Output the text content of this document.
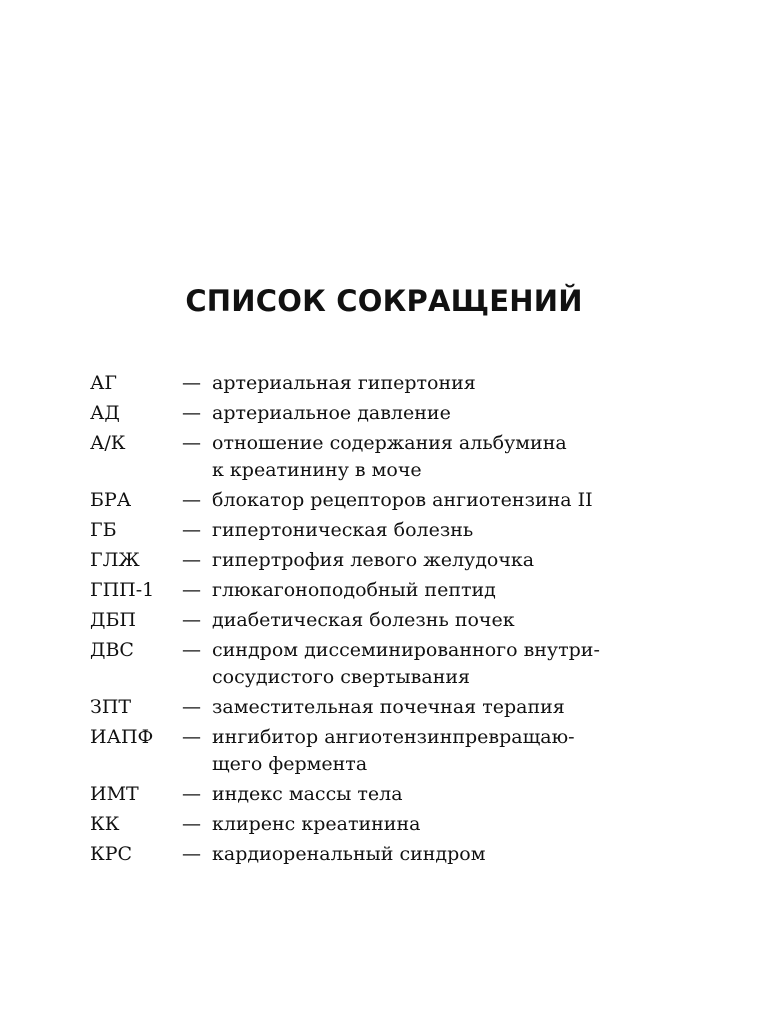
СПИСОК СОКРАЩЕНИЙ
АГ	— артериальная гипертония
АД	— артериальное давление
А/К	— отношение содержания альбумина
к креатинину в моче
БРА	— блокатор рецепторов ангиотензина II
ГБ	— гипертоническая болезнь
ГЛЖ	— гипертрофия левого желудочка
ГПП-1	— глюкагоноподобный пептид
ДБП	— диабетическая болезнь почек
ДВС	— синдром диссеминированного внутри-
сосудистого свертывания
ЗПТ	— заместительная почечная терапия
ИАПФ	— ингибитор ангиотензинпревращаю-
щего фермента
ИМТ	— индекс массы тела
КК	— клиренс креатинина
КРС	— кардиоренальный синдром
